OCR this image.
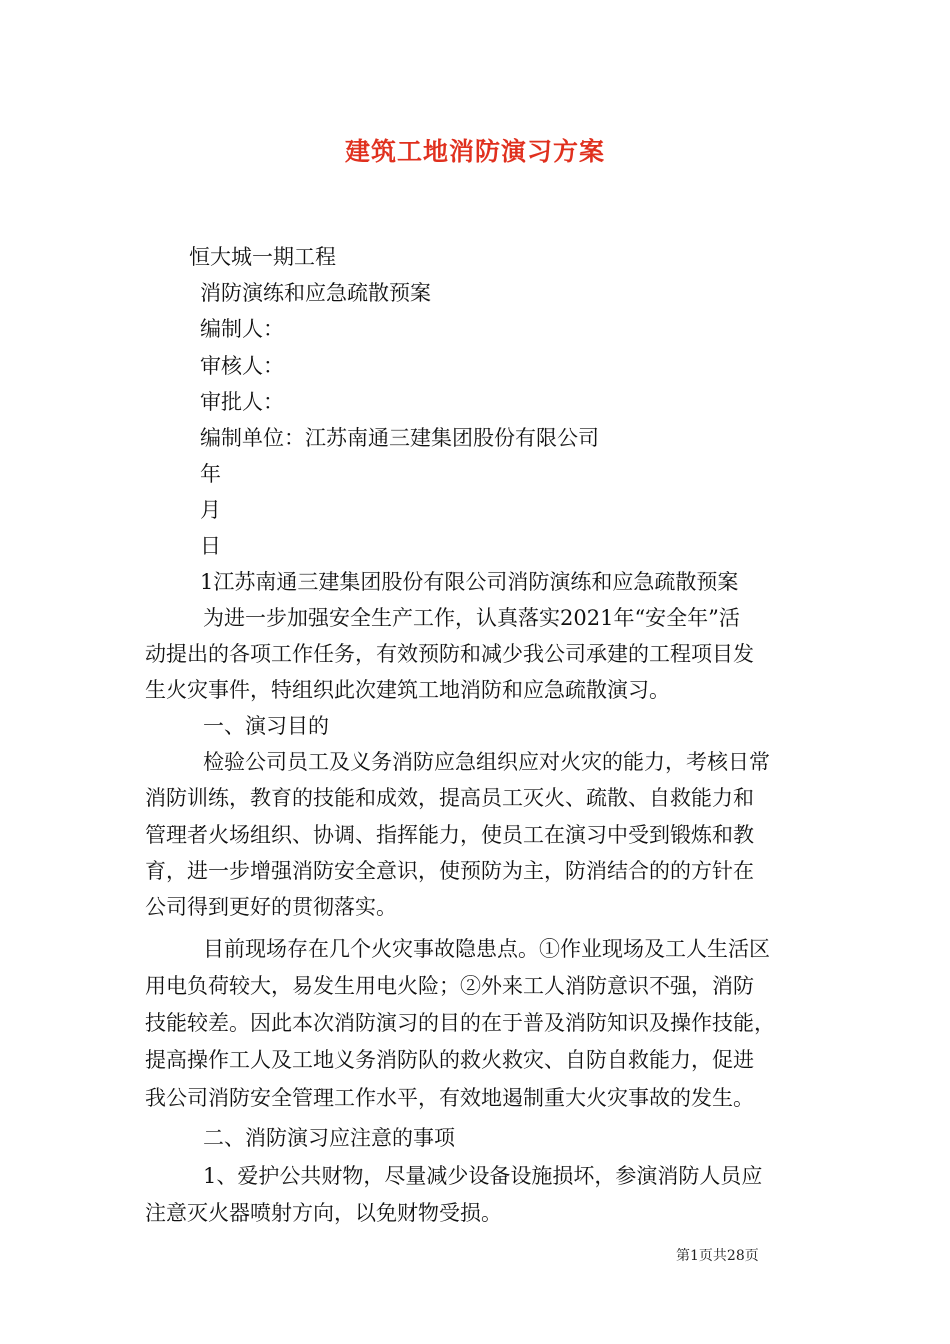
建筑工地消防演习方案
恒大城一期工程
消防演练和应急疏散预案
编制人：
审核人：
审批人：
编制单位：江苏南通三建集团股份有限公司
年
月
日
1江苏南通三建集团股份有限公司消防演练和应急疏散预案
为进一步加强安全生产工作，认真落实2021年“安全年”活
动提出的各项工作任务，有效预防和减少我公司承建的工程项目发
生火灾事件，特组织此次建筑工地消防和应急疏散演习。
一、演习目的
检验公司员工及义务消防应急组织应对火灾的能力，考核日常
消防训练，教育的技能和成效，提高员工灭火、疏散、自救能力和
管理者火场组织、协调、指挥能力，使员工在演习中受到锻炼和教
育，进一步增强消防安全意识，使预防为主，防消结合的的方针在
公司得到更好的贯彻落实。
目前现场存在几个火灾事故隐患点。①作业现场及工人生活区
用电负荷较大，易发生用电火险；②外来工人消防意识不强，消防
技能较差。因此本次消防演习的目的在于普及消防知识及操作技能，
提高操作工人及工地义务消防队的救火救灾、自防自救能力，促进
我公司消防安全管理工作水平，有效地遏制重大火灾事故的发生。
二、消防演习应注意的事项
1、爱护公共财物，尽量减少设备设施损坏，参演消防人员应
注意灭火器喷射方向，以免财物受损。
第1页共28页
